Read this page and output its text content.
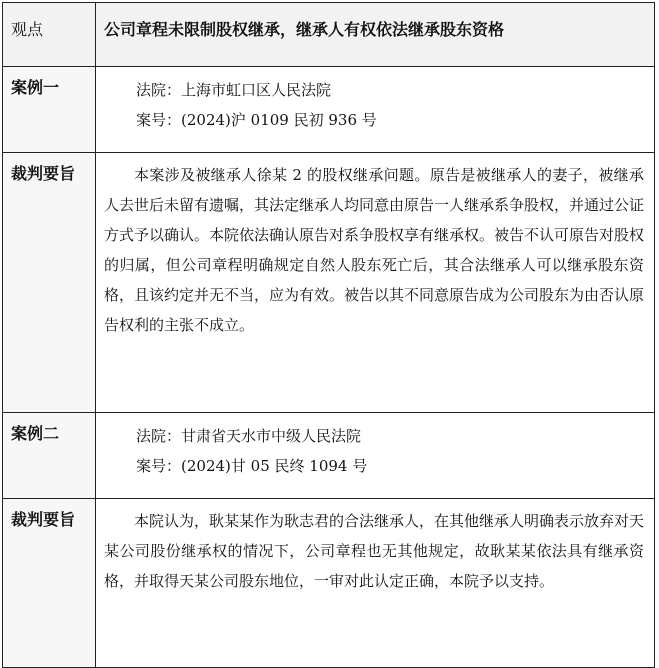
观点	公司章程未限制股权继承，继承人有权依法继承股东资格
案例一	法院：上海市虹口区人民法院
案号：(2024)沪 0109 民初 936 号

裁判要旨	本案涉及被继承人徐某 2 的股权继承问题。原告是被继承人的妻子，被继承人去世后未留有遗嘱，其法定继承人均同意由原告一人继承系争股权，并通过公证方式予以确认。本院依法确认原告对系争股权享有继承权。被告不认可原告对股权的归属，但公司章程明确规定自然人股东死亡后，其合法继承人可以继承股东资格，且该约定并无不当，应为有效。被告以其不同意原告成为公司股东为由否认原告权利的主张不成立。

案例二	法院：甘肃省天水市中级人民法院
案号：(2024)甘 05 民终 1094 号

裁判要旨	本院认为，耿某某作为耿志君的合法继承人，在其他继承人明确表示放弃对天某公司股份继承权的情况下，公司章程也无其他规定，故耿某某依法具有继承资格，并取得天某公司股东地位，一审对此认定正确，本院予以支持。
